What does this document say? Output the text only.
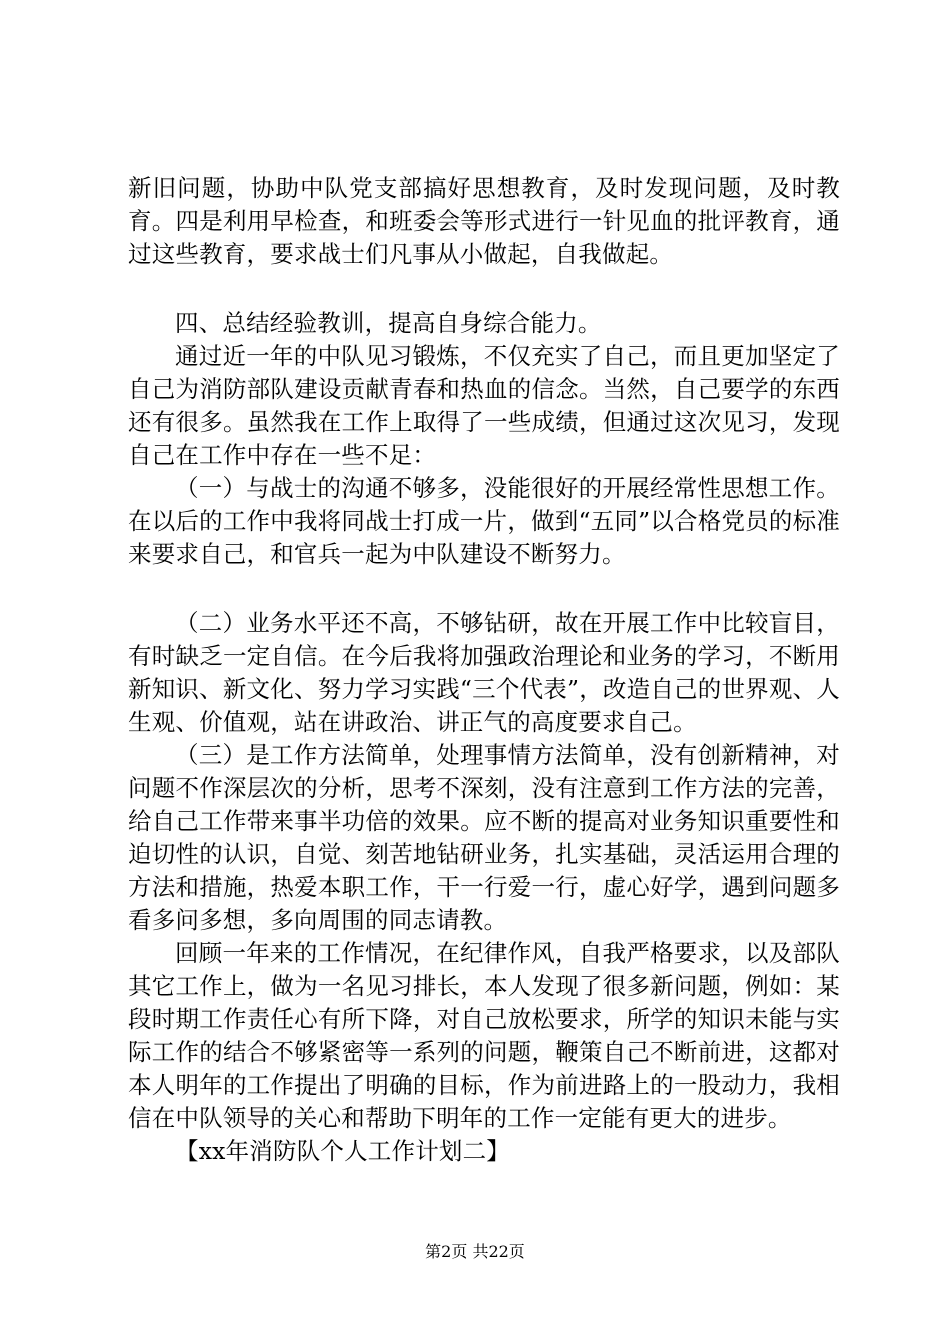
新旧问题，协助中队党支部搞好思想教育，及时发现问题，及时教育。四是利用早检查，和班委会等形式进行一针见血的批评教育，通过这些教育，要求战士们凡事从小做起，自我做起。

四、总结经验教训，提高自身综合能力。

通过近一年的中队见习锻炼，不仅充实了自己，而且更加坚定了自己为消防部队建设贡献青春和热血的信念。当然，自己要学的东西还有很多。虽然我在工作上取得了一些成绩，但通过这次见习，发现自己在工作中存在一些不足：

（一）与战士的沟通不够多，没能很好的开展经常性思想工作。在以后的工作中我将同战士打成一片，做到“五同”以合格党员的标准来要求自己，和官兵一起为中队建设不断努力。

（二）业务水平还不高，不够钻研，故在开展工作中比较盲目，有时缺乏一定自信。在今后我将加强政治理论和业务的学习，不断用新知识、新文化、努力学习实践“三个代表”，改造自己的世界观、人生观、价值观，站在讲政治、讲正气的高度要求自己。

（三）是工作方法简单，处理事情方法简单，没有创新精神，对问题不作深层次的分析，思考不深刻，没有注意到工作方法的完善，给自己工作带来事半功倍的效果。应不断的提高对业务知识重要性和迫切性的认识，自觉、刻苦地钻研业务，扎实基础，灵活运用合理的方法和措施，热爱本职工作，干一行爱一行，虚心好学，遇到问题多看多问多想，多向周围的同志请教。

回顾一年来的工作情况，在纪律作风，自我严格要求，以及部队其它工作上，做为一名见习排长，本人发现了很多新问题，例如：某段时期工作责任心有所下降，对自己放松要求，所学的知识未能与实际工作的结合不够紧密等一系列的问题，鞭策自己不断前进，这都对本人明年的工作提出了明确的目标，作为前进路上的一股动力，我相信在中队领导的关心和帮助下明年的工作一定能有更大的进步。

【xx年消防队个人工作计划二】

第2页 共22页
